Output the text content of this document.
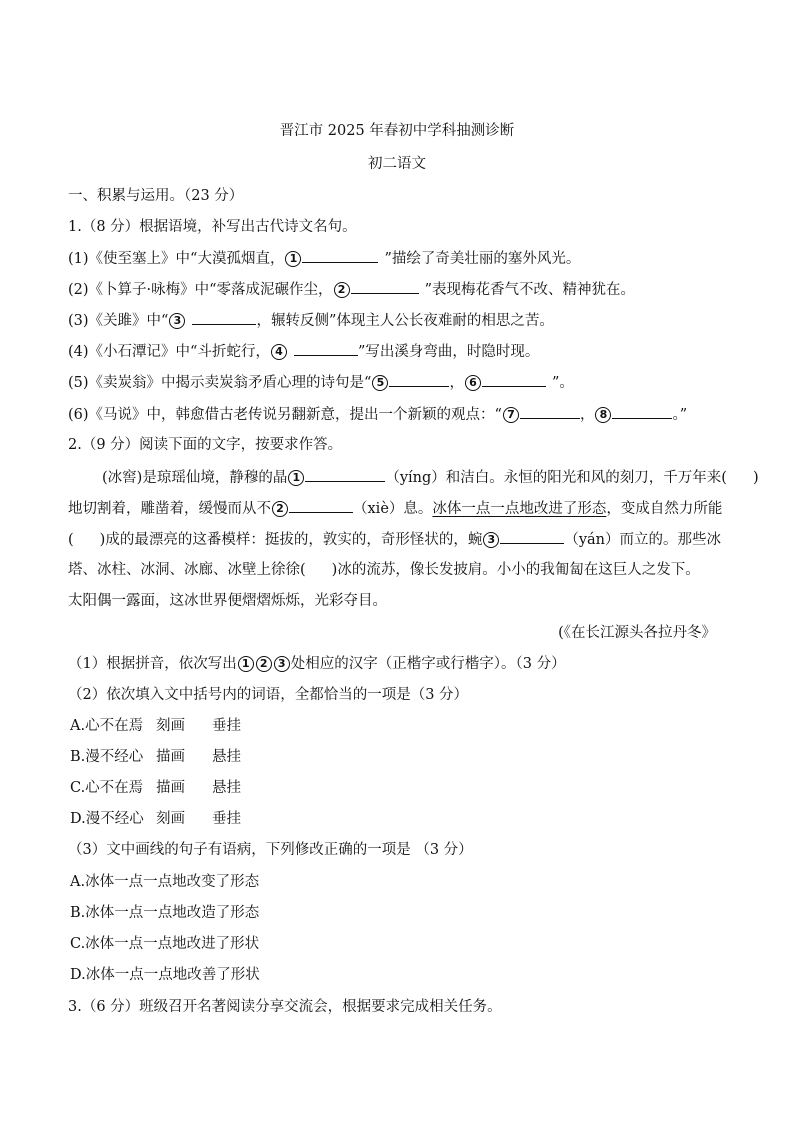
晋江市 2025 年春初中学科抽测诊断
初二语文
一、积累与运用。（23 分）
1.（8 分）根据语境，补写出古代诗文名句。
(1)《使至塞上》中“大漠孤烟直， 1	”描绘了奇美壮丽的塞外风光。
(2)《卜算子·咏梅》中“零落成泥碾作尘， 2	”表现梅花香气不改、精神犹在。
(3)《关雎》中“ 3	，辗转反侧”体现主人公长夜难耐的相思之苦。
(4)《小石潭记》中“斗折蛇行， 4	”写出溪身弯曲，时隐时现。
(5)《卖炭翁》中揭示卖炭翁矛盾心理的诗句是“ 5	， 6	”。
(6)《马说》中，韩愈借古老传说另翻新意，提出一个新颖的观点：“ 7	， 8	。”
2.（9 分）阅读下面的文字，按要求作答。
(冰窖)是琼瑶仙境，静穆的晶 1	（yíng）和洁白。永恒的阳光和风的刻刀，千万年来( )
地切割着，雕凿着，缓慢而从不 2	（xiè）息。冰体一点一点地改进了形态，变成自然力所能
( )成的最漂亮的这番模样：挺拔的，敦实的，奇形怪状的，蜿 3	（yán）而立的。那些冰
塔、冰柱、冰洞、冰廊、冰壁上徐徐( )冰的流苏，像长发披肩。小小的我匍匐在这巨人之发下。
太阳偶一露面，这冰世界便熠熠烁烁，光彩夺目。
(《在长江源头各拉丹冬》
（1）根据拼音，依次写出 1 2 3 处相应的汉字（正楷字或行楷字）。（3 分）
（2）依次填入文中括号内的词语，全都恰当的一项是（3 分）
A.心不在焉 刻画 垂挂
B.漫不经心 描画 悬挂
C.心不在焉 描画 悬挂
D.漫不经心 刻画 垂挂
（3）文中画线的句子有语病，下列修改正确的一项是 （3 分）
A.冰体一点一点地改变了形态
B.冰体一点一点地改造了形态
C.冰体一点一点地改进了形状
D.冰体一点一点地改善了形状
3.（6 分）班级召开名著阅读分享交流会，根据要求完成相关任务。
